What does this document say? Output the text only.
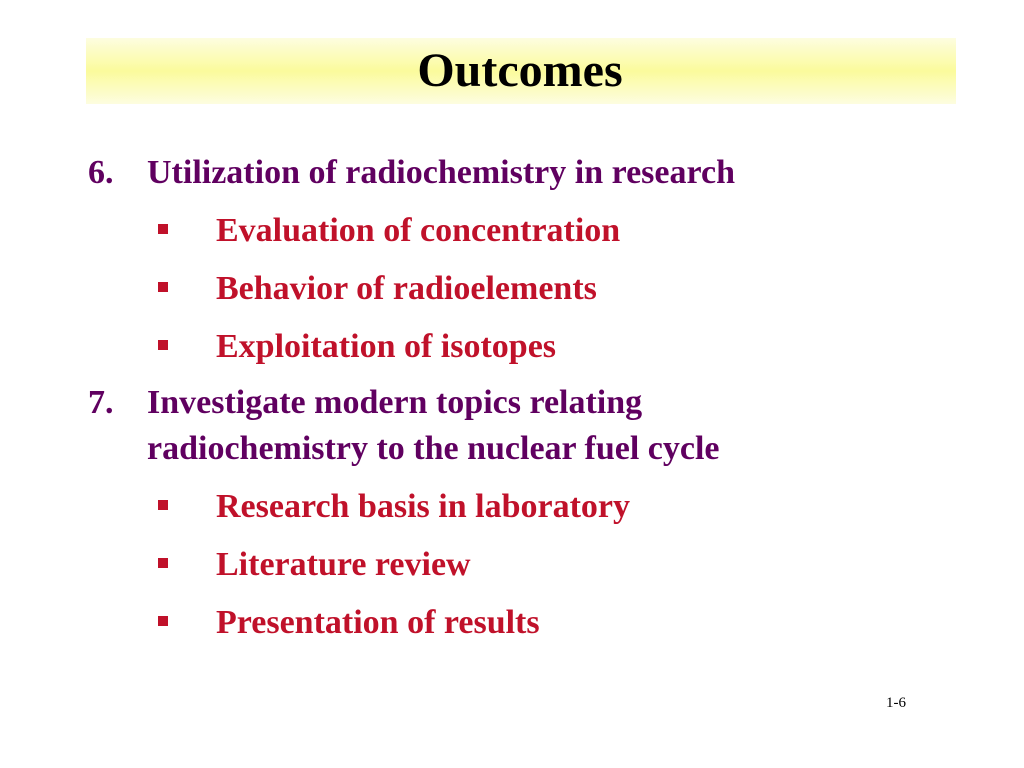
Outcomes
6. Utilization of radiochemistry in research
Evaluation of concentration
Behavior of radioelements
Exploitation of isotopes
7. Investigate modern topics relating radiochemistry to the nuclear fuel cycle
Research basis in laboratory
Literature review
Presentation of results
1-6
